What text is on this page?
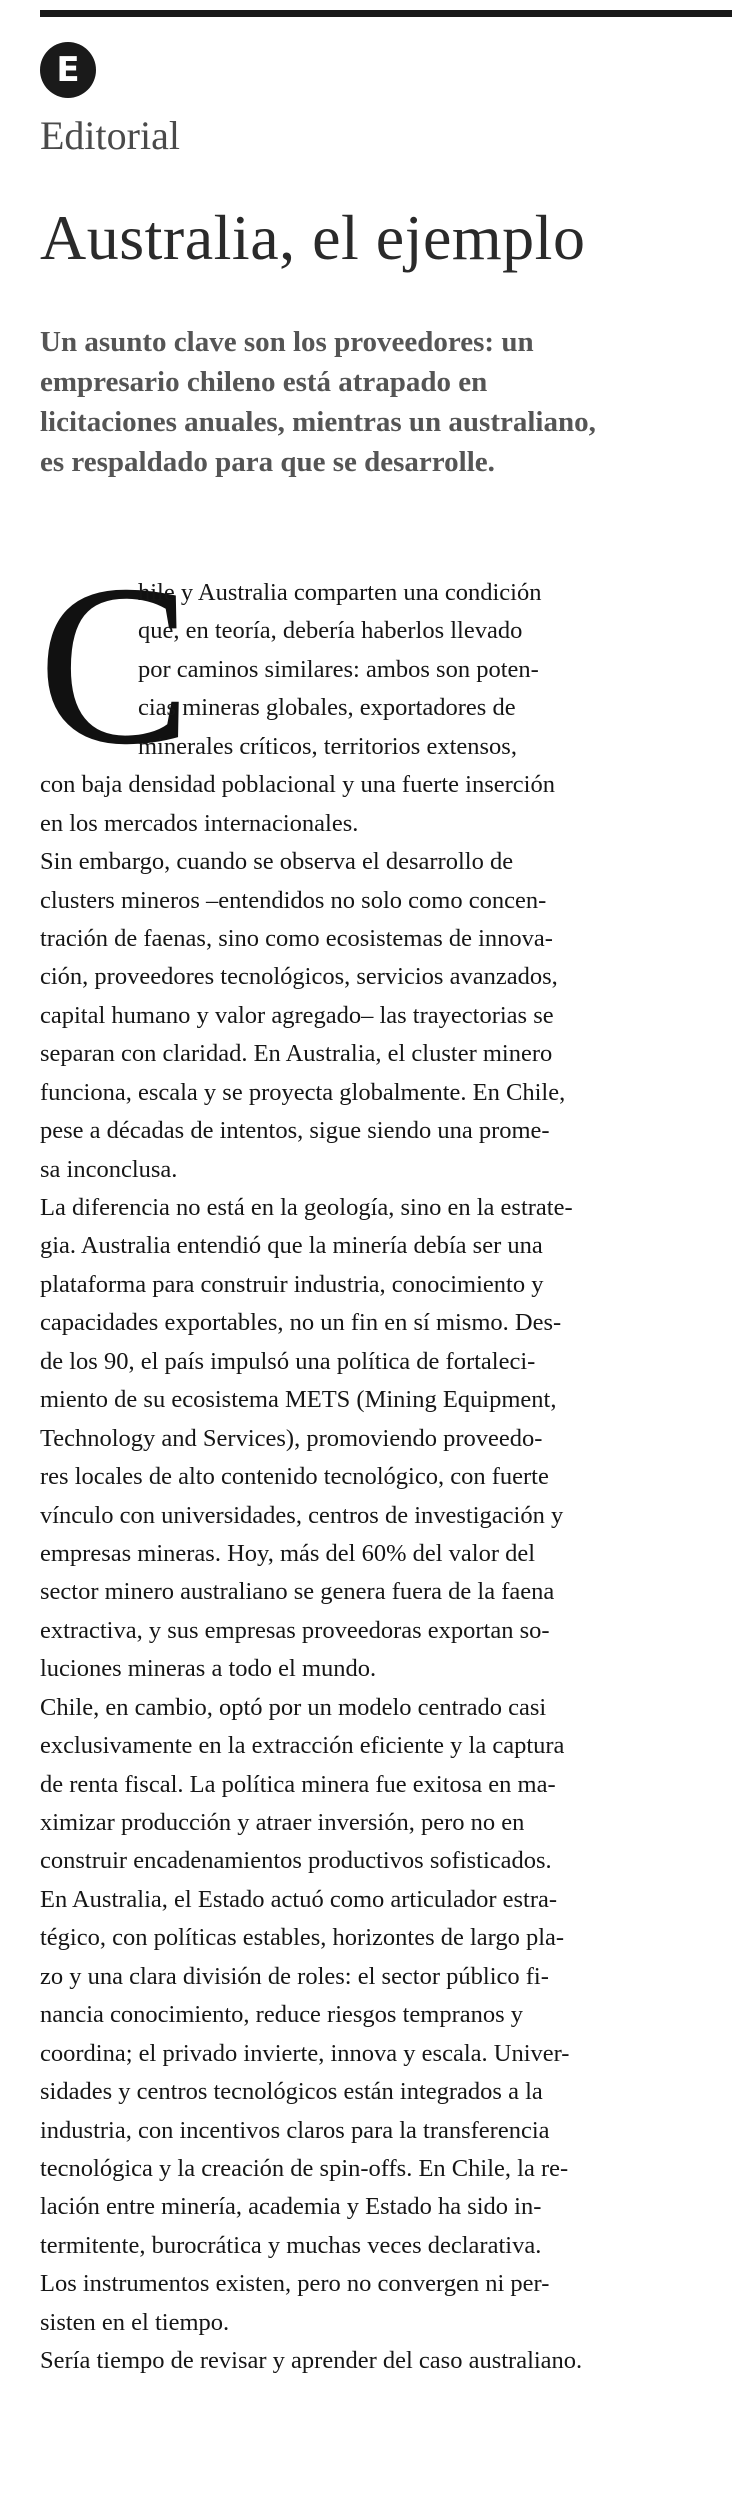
E
Editorial
Australia, el ejemplo

Un asunto clave son los proveedores: un
empresario chileno está atrapado en
licitaciones anuales, mientras un australiano,
es respaldado para que se desarrolle.

C
hile y Australia comparten una condición
que, en teoría, debería haberlos llevado
por caminos similares: ambos son poten-
cias mineras globales, exportadores de
minerales críticos, territorios extensos,
con baja densidad poblacional y una fuerte inserción
en los mercados internacionales.
Sin embargo, cuando se observa el desarrollo de
clusters mineros –entendidos no solo como concen-
tración de faenas, sino como ecosistemas de innova-
ción, proveedores tecnológicos, servicios avanzados,
capital humano y valor agregado– las trayectorias se
separan con claridad. En Australia, el cluster minero
funciona, escala y se proyecta globalmente. En Chile,
pese a décadas de intentos, sigue siendo una prome-
sa inconclusa.
La diferencia no está en la geología, sino en la estrate-
gia. Australia entendió que la minería debía ser una
plataforma para construir industria, conocimiento y
capacidades exportables, no un fin en sí mismo. Des-
de los 90, el país impulsó una política de fortaleci-
miento de su ecosistema METS (Mining Equipment,
Technology and Services), promoviendo proveedo-
res locales de alto contenido tecnológico, con fuerte
vínculo con universidades, centros de investigación y
empresas mineras. Hoy, más del 60% del valor del
sector minero australiano se genera fuera de la faena
extractiva, y sus empresas proveedoras exportan so-
luciones mineras a todo el mundo.
Chile, en cambio, optó por un modelo centrado casi
exclusivamente en la extracción eficiente y la captura
de renta fiscal. La política minera fue exitosa en ma-
ximizar producción y atraer inversión, pero no en
construir encadenamientos productivos sofisticados.
En Australia, el Estado actuó como articulador estra-
tégico, con políticas estables, horizontes de largo pla-
zo y una clara división de roles: el sector público fi-
nancia conocimiento, reduce riesgos tempranos y
coordina; el privado invierte, innova y escala. Univer-
sidades y centros tecnológicos están integrados a la
industria, con incentivos claros para la transferencia
tecnológica y la creación de spin-offs. En Chile, la re-
lación entre minería, academia y Estado ha sido in-
termitente, burocrática y muchas veces declarativa.
Los instrumentos existen, pero no convergen ni per-
sisten en el tiempo.
Sería tiempo de revisar y aprender del caso australiano.
